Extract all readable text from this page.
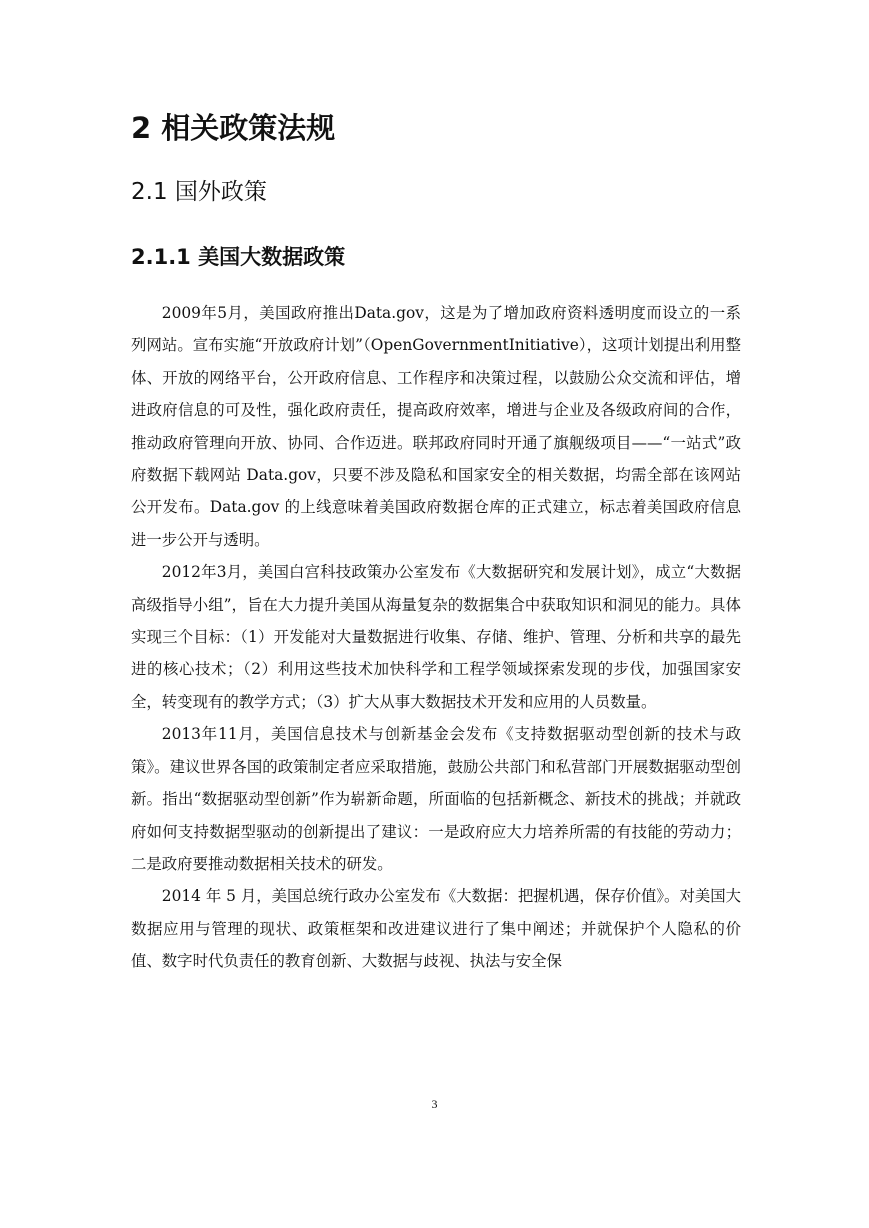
2 相关政策法规
2.1 国外政策
2.1.1 美国大数据政策

2009年5月，美国政府推出Data.gov，这是为了增加政府资料透明度而设立的一系列网站。宣布实施“开放政府计划”（OpenGovernmentInitiative），这项计划提出利用整体、开放的网络平台，公开政府信息、工作程序和决策过程，以鼓励公众交流和评估，增进政府信息的可及性，强化政府责任，提高政府效率，增进与企业及各级政府间的合作，推动政府管理向开放、协同、合作迈进。联邦政府同时开通了旗舰级项目——“一站式”政府数据下载网站 Data.gov，只要不涉及隐私和国家安全的相关数据，均需全部在该网站公开发布。Data.gov 的上线意味着美国政府数据仓库的正式建立，标志着美国政府信息进一步公开与透明。

2012年3月，美国白宫科技政策办公室发布《大数据研究和发展计划》，成立“大数据高级指导小组”，旨在大力提升美国从海量复杂的数据集合中获取知识和洞见的能力。具体实现三个目标：（1）开发能对大量数据进行收集、存储、维护、管理、分析和共享的最先进的核心技术；（2）利用这些技术加快科学和工程学领域探索发现的步伐，加强国家安全，转变现有的教学方式；（3）扩大从事大数据技术开发和应用的人员数量。

2013年11月，美国信息技术与创新基金会发布《支持数据驱动型创新的技术与政策》。建议世界各国的政策制定者应采取措施，鼓励公共部门和私营部门开展数据驱动型创新。指出“数据驱动型创新”作为崭新命题，所面临的包括新概念、新技术的挑战；并就政府如何支持数据型驱动的创新提出了建议：一是政府应大力培养所需的有技能的劳动力；二是政府要推动数据相关技术的研发。

2014 年 5 月，美国总统行政办公室发布《大数据：把握机遇，保存价值》。对美国大数据应用与管理的现状、政策框架和改进建议进行了集中阐述；并就保护个人隐私的价值、数字时代负责任的教育创新、大数据与歧视、执法与安全保

3
